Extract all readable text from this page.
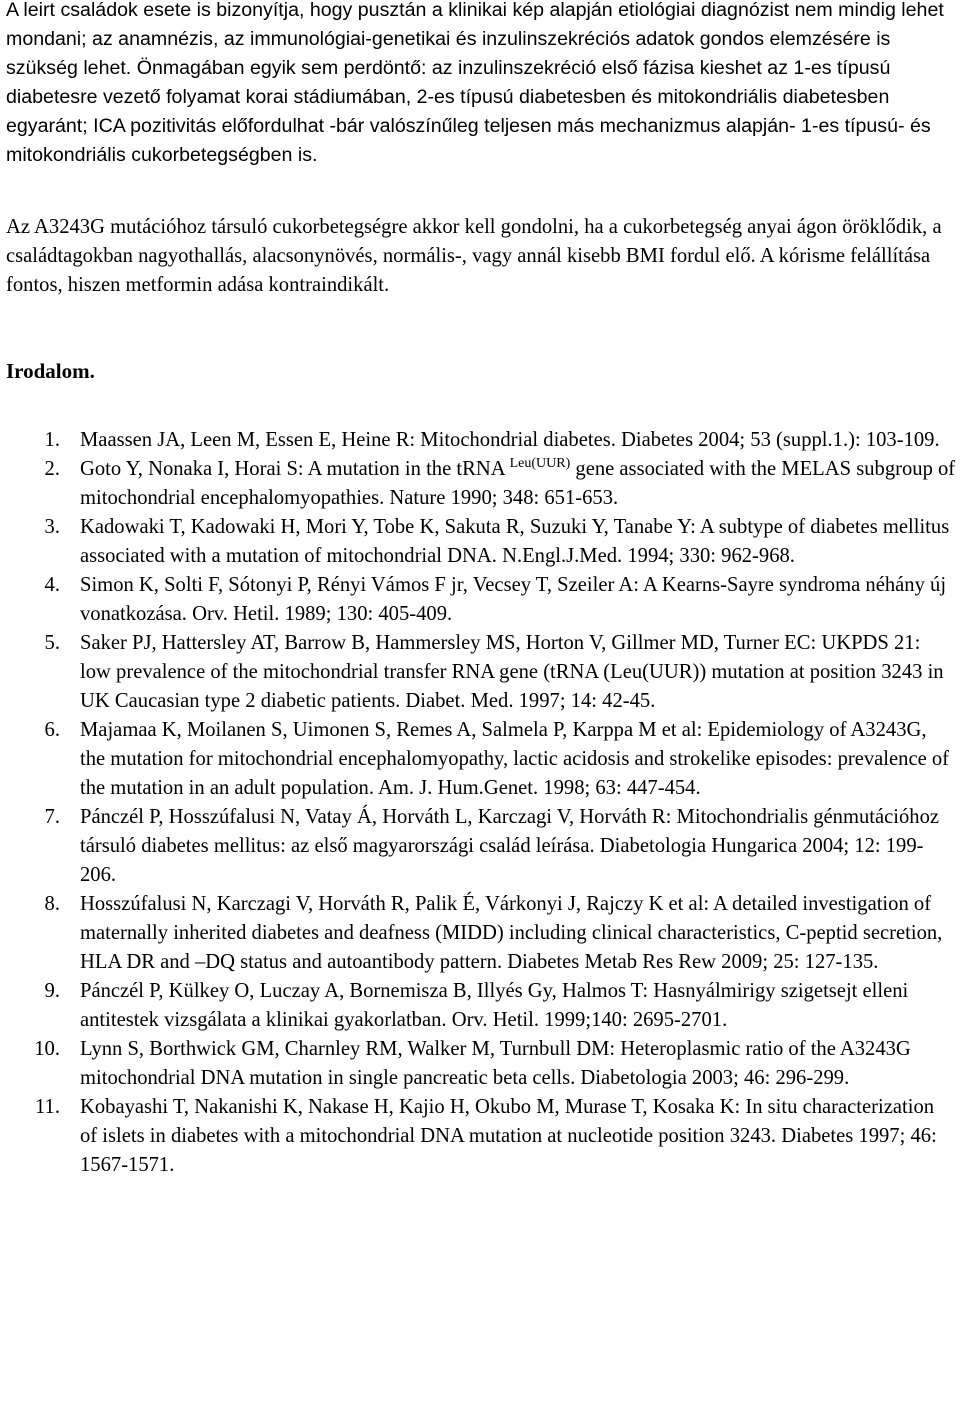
A leirt családok esete is bizonyítja, hogy pusztán a klinikai kép alapján etiológiai diagnózist nem mindig lehet mondani; az anamnézis, az immunológiai-genetikai és inzulinszekréciós adatok gondos elemzésére is szükség lehet. Önmagában egyik sem perdöntő: az inzulinszekréció első fázisa kieshet az 1-es típusú diabetesre vezető folyamat korai stádiumában, 2-es típusú diabetesben és mitokondriális diabetesben egyaránt; ICA pozitivitás előfordulhat -bár valószínűleg teljesen más mechanizmus alapján- 1-es típusú- és mitokondriális cukorbetegségben is.

Az A3243G mutációhoz társuló cukorbetegségre akkor kell gondolni, ha a cukorbetegség anyai ágon öröklődik, a családtagokban nagyothallás, alacsonynövés, normális-, vagy annál kisebb BMI fordul elő. A kórisme felállítása fontos, hiszen metformin adása kontraindikált.

Irodalom.
1. Maassen JA, Leen M, Essen E, Heine R: Mitochondrial diabetes. Diabetes 2004; 53 (suppl.1.): 103-109.
2. Goto Y, Nonaka I, Horai S: A mutation in the tRNA $^{Leu(UUR)}$ gene associated with the MELAS subgroup of mitochondrial encephalomyopathies. Nature 1990; 348: 651-653.
3. Kadowaki T, Kadowaki H, Mori Y, Tobe K, Sakuta R, Suzuki Y, Tanabe Y: A subtype of diabetes mellitus associated with a mutation of mitochondrial DNA. N.Engl.J.Med. 1994; 330: 962-968.
4. Simon K, Solti F, Sótonyi P, Rényi Vámos F jr, Vecsey T, Szeiler A: A Kearns-Sayre syndroma néhány új vonatkozása. Orv. Hetil. 1989; 130: 405-409.
5. Saker PJ, Hattersley AT, Barrow B, Hammersley MS, Horton V, Gillmer MD, Turner EC: UKPDS 21: low prevalence of the mitochondrial transfer RNA gene (tRNA (Leu(UUR)) mutation at position 3243 in UK Caucasian type 2 diabetic patients. Diabet. Med. 1997; 14: 42-45.
6. Majamaa K, Moilanen S, Uimonen S, Remes A, Salmela P, Karppa M et al: Epidemiology of A3243G, the mutation for mitochondrial encephalomyopathy, lactic acidosis and strokelike episodes: prevalence of the mutation in an adult population. Am. J. Hum.Genet. 1998; 63: 447-454.
7. Pánczél P, Hosszúfalusi N, Vatay Á, Horváth L, Karczagi V, Horváth R: Mitochondrialis génmutációhoz társuló diabetes mellitus: az első magyarországi család leírása. Diabetologia Hungarica 2004; 12: 199-206.
8. Hosszúfalusi N, Karczagi V, Horváth R, Palik É, Várkonyi J, Rajczy K et al: A detailed investigation of maternally inherited diabetes and deafness (MIDD) including clinical characteristics, C-peptid secretion, HLA DR and –DQ status and autoantibody pattern. Diabetes Metab Res Rew 2009; 25: 127-135.
9. Pánczél P, Külkey O, Luczay A, Bornemisza B, Illyés Gy, Halmos T: Hasnyálmirigy szigetsejt elleni antitestek vizsgálata a klinikai gyakorlatban. Orv. Hetil. 1999;140: 2695-2701.
10. Lynn S, Borthwick GM, Charnley RM, Walker M, Turnbull DM: Heteroplasmic ratio of the A3243G mitochondrial DNA mutation in single pancreatic beta cells. Diabetologia 2003; 46: 296-299.
11. Kobayashi T, Nakanishi K, Nakase H, Kajio H, Okubo M, Murase T, Kosaka K: In situ characterization of islets in diabetes with a mitochondrial DNA mutation at nucleotide position 3243. Diabetes 1997; 46: 1567-1571.
